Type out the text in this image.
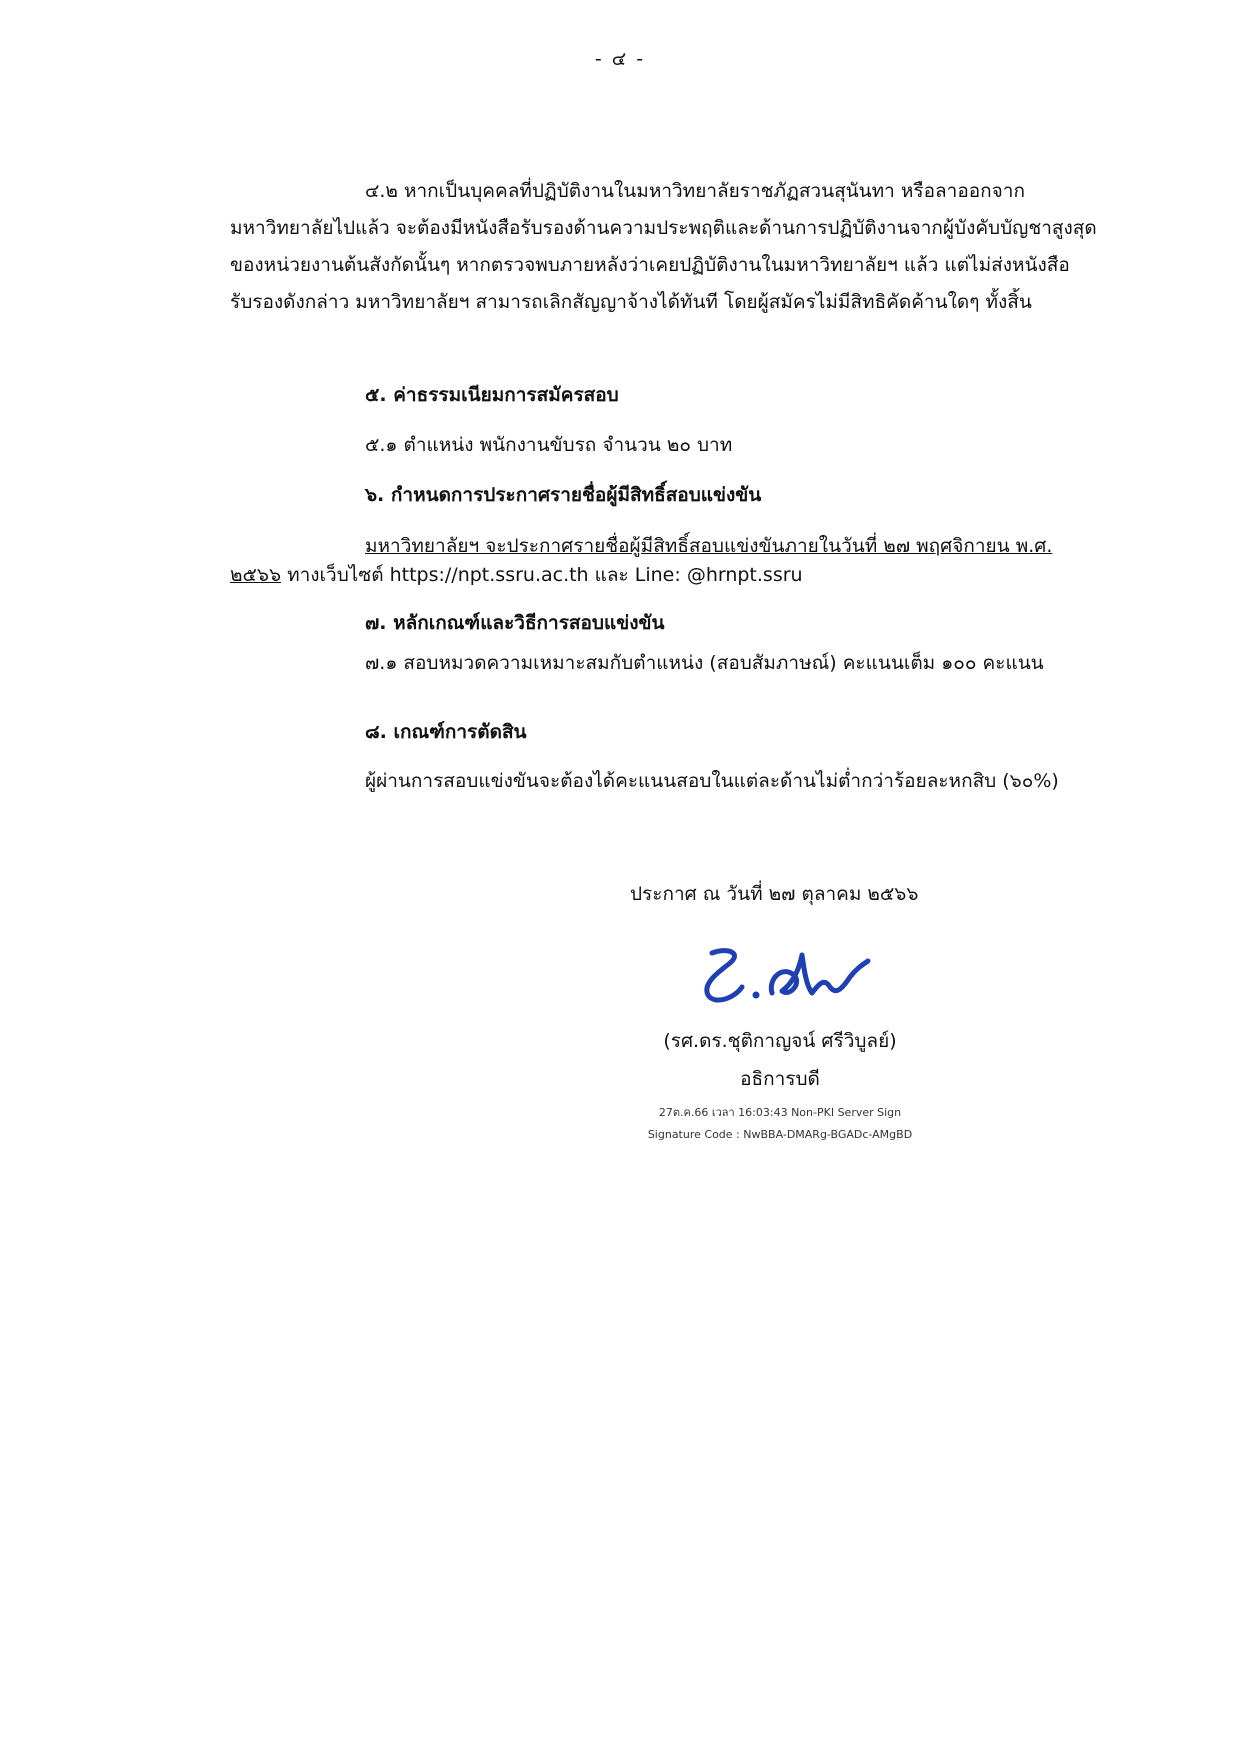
- ๔ -
๔.๒ หากเป็นบุคคลที่ปฏิบัติงานในมหาวิทยาลัยราชภัฏสวนสุนันทา หรือลาออกจาก
มหาวิทยาลัยไปแล้ว จะต้องมีหนังสือรับรองด้านความประพฤติและด้านการปฏิบัติงานจากผู้บังคับบัญชาสูงสุด
ของหน่วยงานต้นสังกัดนั้นๆ หากตรวจพบภายหลังว่าเคยปฏิบัติงานในมหาวิทยาลัยฯ แล้ว แต่ไม่ส่งหนังสือ
รับรองดังกล่าว มหาวิทยาลัยฯ สามารถเลิกสัญญาจ้างได้ทันที โดยผู้สมัครไม่มีสิทธิคัดค้านใดๆ ทั้งสิ้น
๕. ค่าธรรมเนียมการสมัครสอบ
๕.๑ ตำแหน่ง พนักงานขับรถ จำนวน ๒๐ บาท
๖. กำหนดการประกาศรายชื่อผู้มีสิทธิ์สอบแข่งขัน
มหาวิทยาลัยฯ จะประกาศรายชื่อผู้มีสิทธิ์สอบแข่งขันภายในวันที่ ๒๗ พฤศจิกายน พ.ศ.
๒๕๖๖ ทางเว็บไซต์ https://npt.ssru.ac.th และ Line: @hrnpt.ssru
๗. หลักเกณฑ์และวิธีการสอบแข่งขัน
๗.๑ สอบหมวดความเหมาะสมกับตำแหน่ง (สอบสัมภาษณ์) คะแนนเต็ม ๑๐๐ คะแนน
๘. เกณฑ์การตัดสิน
ผู้ผ่านการสอบแข่งขันจะต้องได้คะแนนสอบในแต่ละด้านไม่ต่ำกว่าร้อยละหกสิบ (๖๐%)
ประกาศ ณ วันที่ ๒๗ ตุลาคม ๒๕๖๖
(รศ.ดร.ชุติกาญจน์ ศรีวิบูลย์)
อธิการบดี
27ต.ค.66 เวลา 16:03:43 Non-PKI Server Sign
Signature Code : NwBBA-DMARg-BGADc-AMgBD
